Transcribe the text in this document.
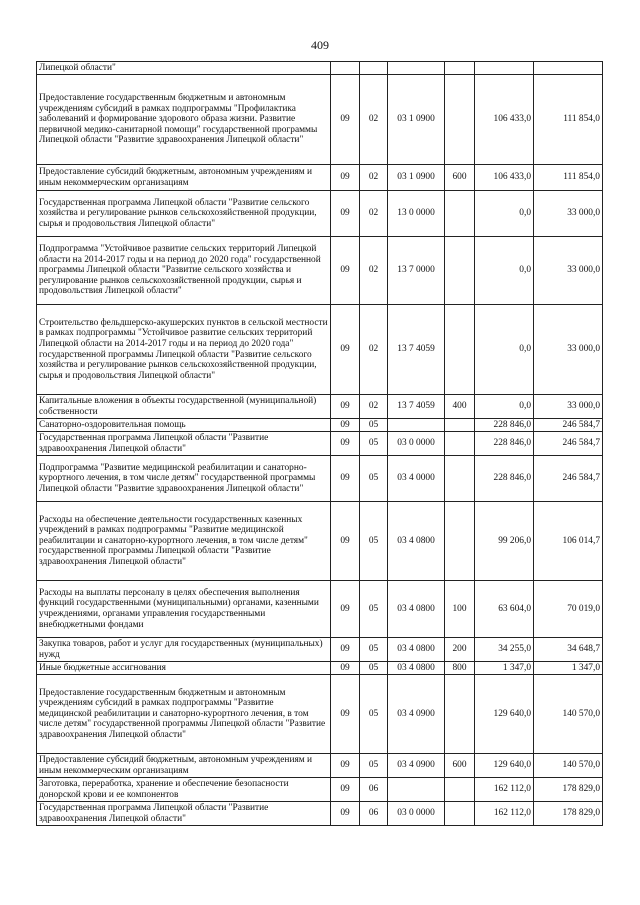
409
Липецкой области"						
Предоставление государственным бюджетным и автономным учреждениям субсидий в рамках подпрограммы "Профилактика заболеваний и формирование здорового образа жизни. Развитие первичной медико-санитарной помощи" государственной программы Липецкой области "Развитие здравоохранения Липецкой области"	09	02	03 1 0900		106 433,0	111 854,0
Предоставление субсидий бюджетным, автономным учреждениям и иным некоммерческим организациям	09	02	03 1 0900	600	106 433,0	111 854,0
Государственная программа Липецкой области "Развитие сельского хозяйства и регулирование рынков сельскохозяйственной продукции, сырья и продовольствия Липецкой области"	09	02	13 0 0000		0,0	33 000,0
Подпрограмма "Устойчивое развитие сельских территорий Липецкой области на 2014-2017 годы и на период до 2020 года" государственной программы Липецкой области "Развитие сельского хозяйства и регулирование рынков сельскохозяйственной продукции, сырья и продовольствия Липецкой области"	09	02	13 7 0000		0,0	33 000,0
Строительство фельдшерско-акушерских пунктов в сельской местности в рамках подпрограммы "Устойчивое развитие сельских территорий Липецкой области на 2014-2017 годы и на период до 2020 года" государственной программы Липецкой области "Развитие сельского хозяйства и регулирование рынков сельскохозяйственной продукции, сырья и продовольствия Липецкой области"	09	02	13 7 4059		0,0	33 000,0
Капитальные вложения в объекты государственной (муниципальной) собственности	09	02	13 7 4059	400	0,0	33 000,0
Санаторно-оздоровительная помощь	09	05			228 846,0	246 584,7
Государственная программа Липецкой области "Развитие здравоохранения Липецкой области"	09	05	03 0 0000		228 846,0	246 584,7
Подпрограмма "Развитие медицинской реабилитации и санаторно-курортного лечения, в том числе детям" государственной программы Липецкой области "Развитие здравоохранения Липецкой области"	09	05	03 4 0000		228 846,0	246 584,7
Расходы на обеспечение деятельности государственных казенных учреждений в рамках подпрограммы "Развитие медицинской реабилитации и санаторно-курортного лечения, в том числе детям" государственной программы Липецкой области "Развитие здравоохранения Липецкой области"	09	05	03 4 0800		99 206,0	106 014,7
Расходы на выплаты персоналу в целях обеспечения выполнения функций государственными (муниципальными) органами, казенными учреждениями, органами управления государственными внебюджетными фондами	09	05	03 4 0800	100	63 604,0	70 019,0
Закупка товаров, работ и услуг для государственных (муниципальных) нужд	09	05	03 4 0800	200	34 255,0	34 648,7
Иные бюджетные ассигнования	09	05	03 4 0800	800	1 347,0	1 347,0
Предоставление государственным бюджетным и автономным учреждениям субсидий в рамках подпрограммы "Развитие медицинской реабилитации и санаторно-курортного лечения, в том числе детям" государственной программы Липецкой области "Развитие здравоохранения Липецкой области"	09	05	03 4 0900		129 640,0	140 570,0
Предоставление субсидий бюджетным, автономным учреждениям и иным некоммерческим организациям	09	05	03 4 0900	600	129 640,0	140 570,0
Заготовка, переработка, хранение и обеспечение безопасности донорской крови и ее компонентов	09	06			162 112,0	178 829,0
Государственная программа Липецкой области "Развитие здравоохранения Липецкой области"	09	06	03 0 0000		162 112,0	178 829,0
